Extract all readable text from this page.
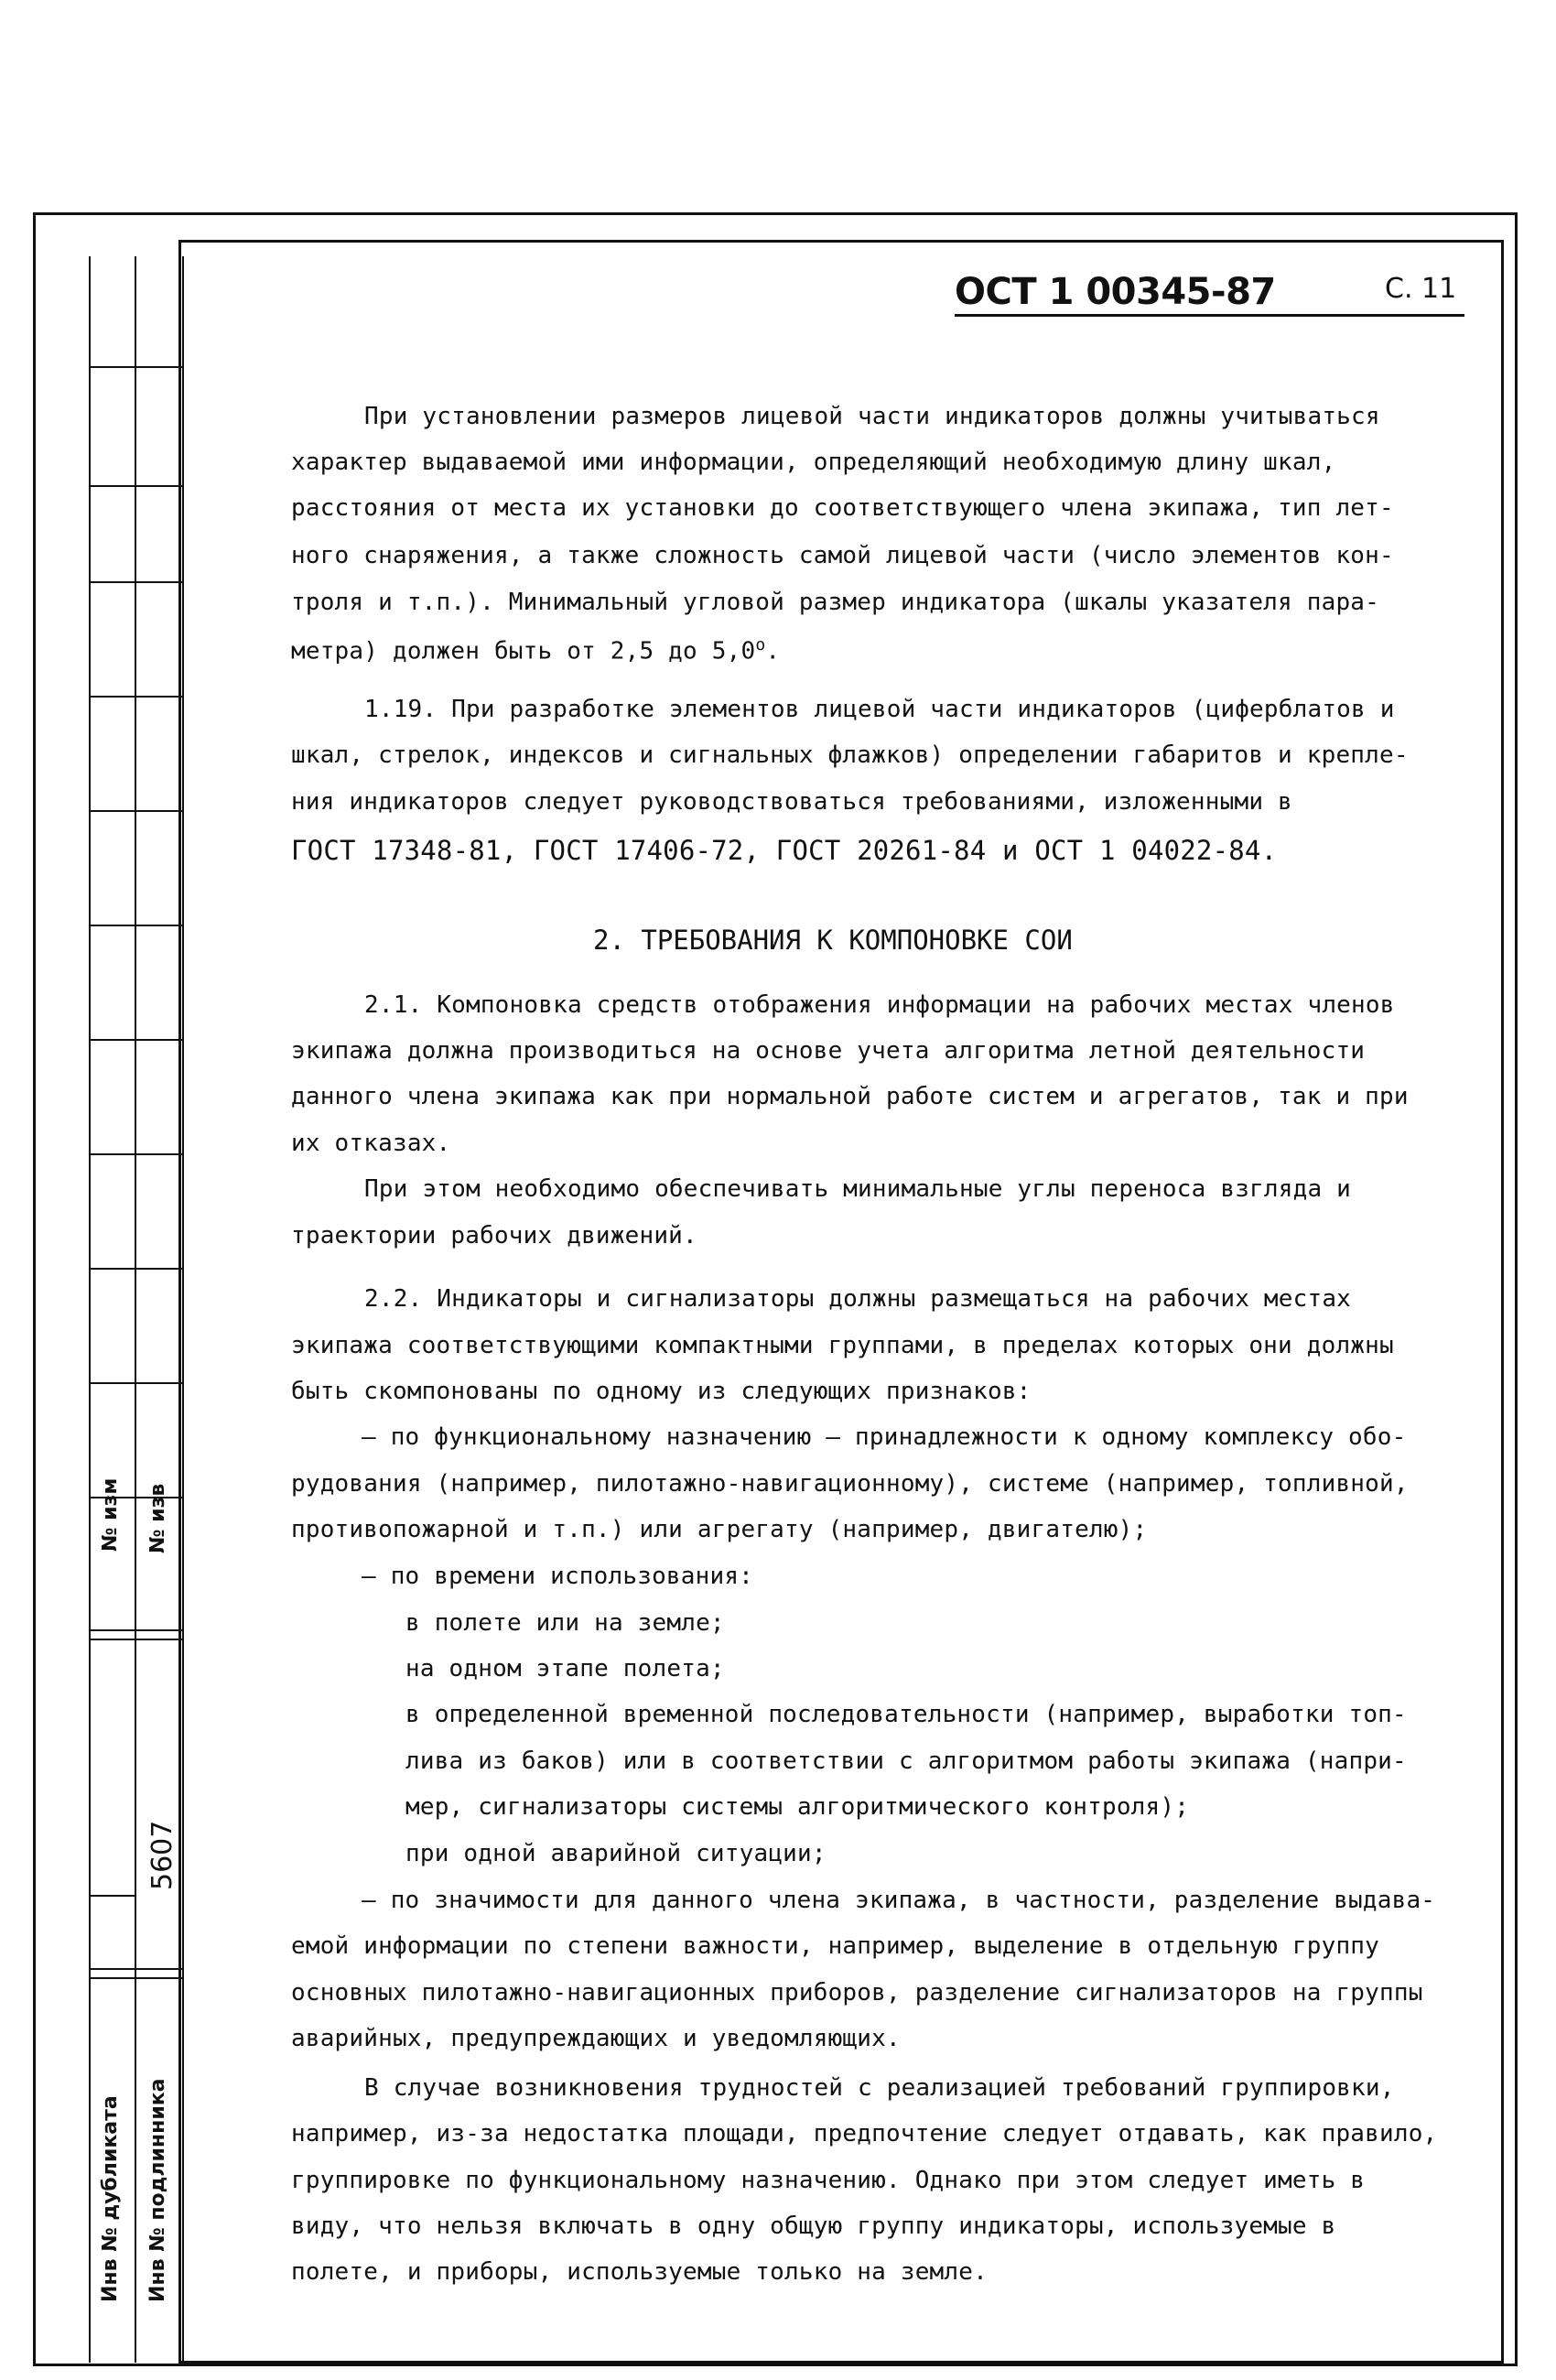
№ изм № изв
Инв № дубликата Инв № подлинника
5607
ОСТ 1 00345-87	С. 11
При установлении размеров лицевой части индикаторов должны учитываться
характер выдаваемой ими информации, определяющий необходимую длину шкал,
расстояния от места их установки до соответствующего члена экипажа, тип лет-
ного снаряжения, а также сложность самой лицевой части (число элементов кон-
троля и т.п.). Минимальный угловой размер индикатора (шкалы указателя пара-
метра) должен быть от 2,5 до 5,0$^o$.
1.19. При разработке элементов лицевой части индикаторов (циферблатов и
шкал, стрелок, индексов и сигнальных флажков) определении габаритов и крепле-
ния индикаторов следует руководствоваться требованиями, изложенными в
ГОСТ 17348-81, ГОСТ 17406-72, ГОСТ 20261-84 и ОСТ 1 04022-84.
2. ТРЕБОВАНИЯ К КОМПОНОВКЕ СОИ
2.1. Компоновка средств отображения информации на рабочих местах членов
экипажа должна производиться на основе учета алгоритма летной деятельности
данного члена экипажа как при нормальной работе систем и агрегатов, так и при
их отказах.
При этом необходимо обеспечивать минимальные углы переноса взгляда и
траектории рабочих движений.
2.2. Индикаторы и сигнализаторы должны размещаться на рабочих местах
экипажа соответствующими компактными группами, в пределах которых они должны
быть скомпонованы по одному из следующих признаков:
– по функциональному назначению – принадлежности к одному комплексу обо-
рудования (например, пилотажно-навигационному), системе (например, топливной,
противопожарной и т.п.) или агрегату (например, двигателю);
– по времени использования:
в полете или на земле;
на одном этапе полета;
в определенной временной последовательности (например, выработки топ-
лива из баков) или в соответствии с алгоритмом работы экипажа (напри-
мер, сигнализаторы системы алгоритмического контроля);
при одной аварийной ситуации;
– по значимости для данного члена экипажа, в частности, разделение выдава-
емой информации по степени важности, например, выделение в отдельную группу
основных пилотажно-навигационных приборов, разделение сигнализаторов на группы
аварийных, предупреждающих и уведомляющих.
В случае возникновения трудностей с реализацией требований группировки,
например, из-за недостатка площади, предпочтение следует отдавать, как правило,
группировке по функциональному назначению. Однако при этом следует иметь в
виду, что нельзя включать в одну общую группу индикаторы, используемые в
полете, и приборы, используемые только на земле.
